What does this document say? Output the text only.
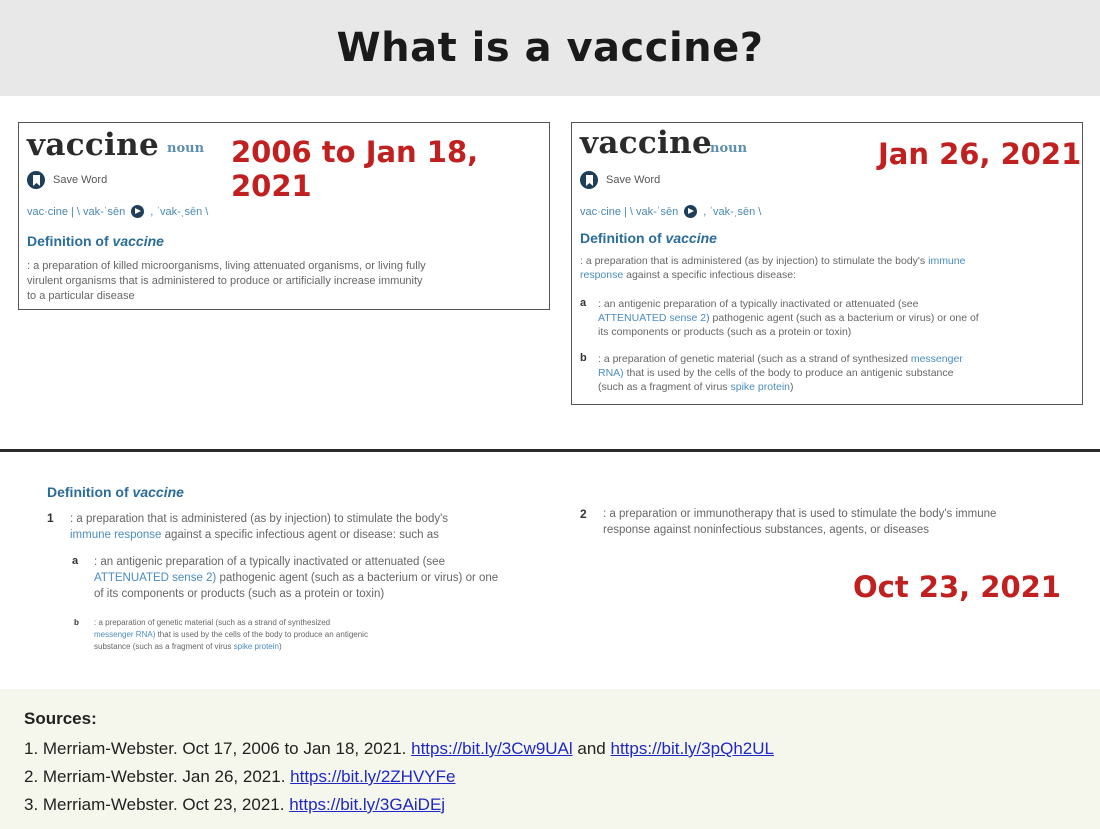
What is a vaccine?
vaccine noun 2006 to Jan 18, 2021
Save Word
vac·cine | \ vak-ˈsēn , ˈvak-ˌsēn \
Definition of vaccine
: a preparation of killed microorganisms, living attenuated organisms, or living fully
virulent organisms that is administered to produce or artificially increase immunity
to a particular disease
vaccine
noun	Jan 26, 2021
Save Word
vac·cine | \ vak-ˈsēn , ˈvak-ˌsēn \
Definition of vaccine
: a preparation that is administered (as by injection) to stimulate the body's immune
response against a specific infectious disease:
a : an antigenic preparation of a typically inactivated or attenuated (see
ATTENUATED sense 2) pathogenic agent (such as a bacterium or virus) or one of
its components or products (such as a protein or toxin)
b : a preparation of genetic material (such as a strand of synthesized messenger
RNA) that is used by the cells of the body to produce an antigenic substance
(such as a fragment of virus spike protein)
Definition of vaccine
1 : a preparation that is administered (as by injection) to stimulate the body's
immune response against a specific infectious agent or disease: such as
a : an antigenic preparation of a typically inactivated or attenuated (see
ATTENUATED sense 2) pathogenic agent (such as a bacterium or virus) or one
of its components or products (such as a protein or toxin)
b : a preparation of genetic material (such as a strand of synthesized
messenger RNA) that is used by the cells of the body to produce an antigenic
substance (such as a fragment of virus spike protein)
2 : a preparation or immunotherapy that is used to stimulate the body's immune
response against noninfectious substances, agents, or diseases
Oct 23, 2021
Sources:
1. Merriam-Webster. Oct 17, 2006 to Jan 18, 2021. https://bit.ly/3Cw9UAl and https://bit.ly/3pQh2UL
2. Merriam-Webster. Jan 26, 2021. https://bit.ly/2ZHVYFe
3. Merriam-Webster. Oct 23, 2021. https://bit.ly/3GAiDEj
